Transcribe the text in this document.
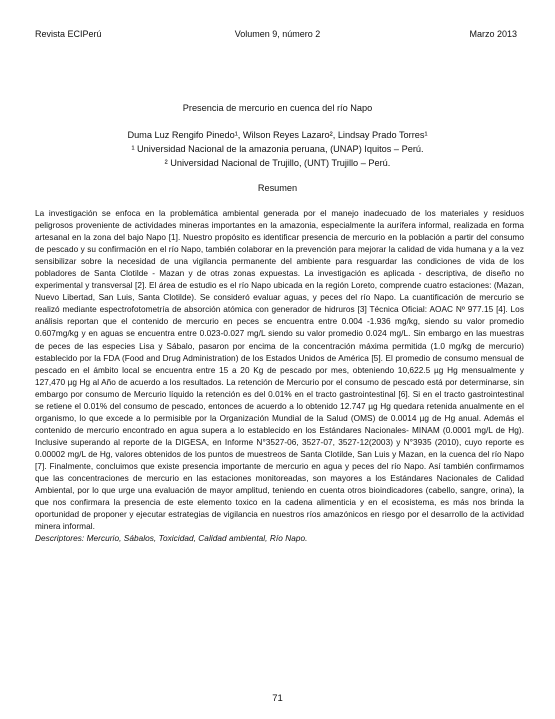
Revista ECIPerú	Volumen 9, número 2	Marzo 2013
Presencia de mercurio en cuenca del río Napo
Duma Luz Rengifo Pinedo¹, Wilson Reyes Lazaro², Lindsay Prado Torres¹
¹ Universidad Nacional de la amazonia peruana, (UNAP) Iquitos – Perú.
² Universidad Nacional de Trujillo, (UNT) Trujillo – Perú.
Resumen

La investigación se enfoca en la problemática ambiental generada por el manejo inadecuado de los materiales y residuos peligrosos proveniente de actividades mineras importantes en la amazonia, especialmente la aurífera informal, realizada en forma artesanal en la zona del bajo Napo [1]. Nuestro propósito es identificar presencia de mercurio en la población a partir del consumo de pescado y su confirmación en el río Napo, también colaborar en la prevención para mejorar la calidad de vida humana y a la vez sensibilizar sobre la necesidad de una vigilancia permanente del ambiente para resguardar las condiciones de vida de los pobladores de Santa Clotilde - Mazan y de otras zonas expuestas. La investigación es aplicada - descriptiva, de diseño no experimental y transversal [2]. El área de estudio es el río Napo ubicada en la región Loreto, comprende cuatro estaciones: (Mazan, Nuevo Libertad, San Luis, Santa Clotilde). Se consideró evaluar aguas, y peces del río Napo. La cuantificación de mercurio se realizó mediante espectrofotometría de absorción atómica con generador de hidruros [3] Técnica Oficial: AOAC Nº 977.15 [4]. Los análisis reportan que el contenido de mercurio en peces se encuentra entre 0.004 -1.936 mg/kg, siendo su valor promedio 0.607mg/kg y en aguas se encuentra entre 0.023-0.027 mg/L siendo su valor promedio 0.024 mg/L. Sin embargo en las muestras de peces de las especies Lisa y Sábalo, pasaron por encima de la concentración máxima permitida (1.0 mg/kg de mercurio) establecido por la FDA (Food and Drug Administration) de los Estados Unidos de América [5]. El promedio de consumo mensual de pescado en el ámbito local se encuentra entre 15 a 20 Kg de pescado por mes, obteniendo 10,622.5 µg Hg mensualmente y 127,470 µg Hg al Año de acuerdo a los resultados. La retención de Mercurio por el consumo de pescado está por determinarse, sin embargo por consumo de Mercurio líquido la retención es del 0.01% en el tracto gastrointestinal [6]. Si en el tracto gastrointestinal se retiene el 0.01% del consumo de pescado, entonces de acuerdo a lo obtenido 12.747 µg Hg quedara retenida anualmente en el organismo, lo que excede a lo permisible por la Organización Mundial de la Salud (OMS) de 0.0014 µg de Hg anual. Además el contenido de mercurio encontrado en agua supera a lo establecido en los Estándares Nacionales- MINAM (0.0001 mg/L de Hg). Inclusive superando al reporte de la DIGESA, en Informe N°3527-06, 3527-07, 3527-12(2003) y N°3935 (2010), cuyo reporte es 0.00002 mg/L de Hg, valores obtenidos de los puntos de muestreos de Santa Clotilde, San Luis y Mazan, en la cuenca del río Napo [7]. Finalmente, concluimos que existe presencia importante de mercurio en agua y peces del río Napo. Así también confirmamos que las concentraciones de mercurio en las estaciones monitoreadas, son mayores a los Estándares Nacionales de Calidad Ambiental, por lo que urge una evaluación de mayor amplitud, teniendo en cuenta otros bioindicadores (cabello, sangre, orina), la que nos confirmara la presencia de este elemento toxico en la cadena alimenticia y en el ecosistema, es más nos brinda la oportunidad de proponer y ejecutar estrategias de vigilancia en nuestros ríos amazónicos en riesgo por el desarrollo de la actividad minera informal.

Descriptores: Mercurio, Sábalos, Toxicidad, Calidad ambiental, Río Napo.

71
